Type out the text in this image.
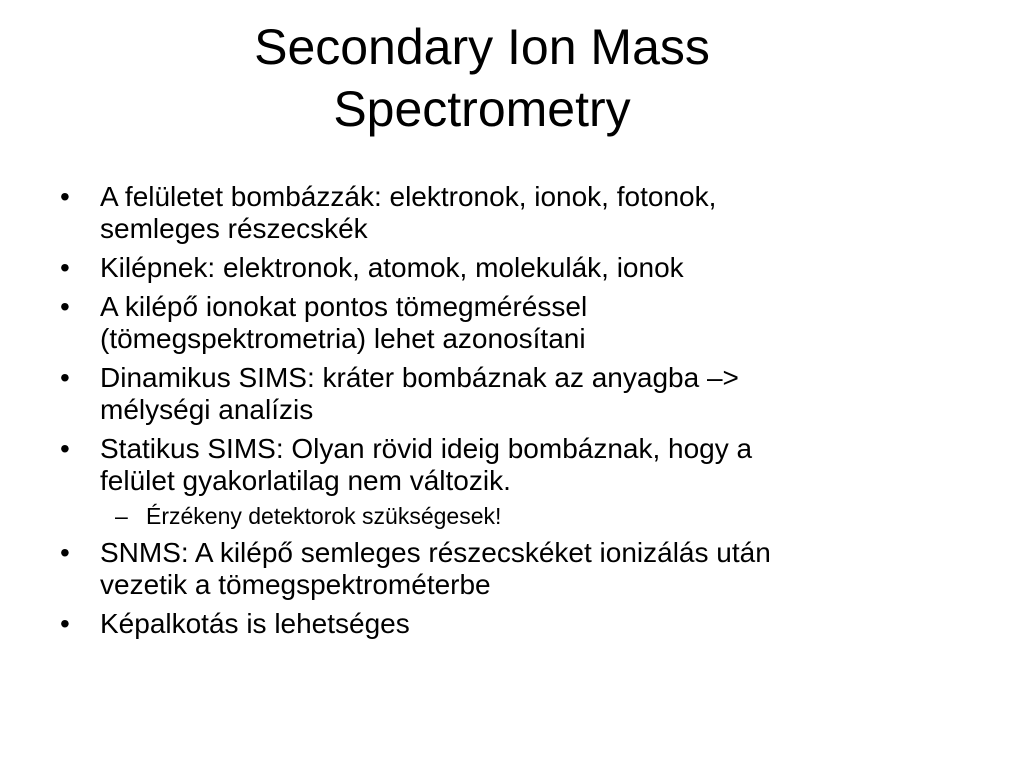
Secondary Ion Mass
Spectrometry
•	A felületet bombázzák: elektronok, ionok, fotonok,
semleges részecskék
•	Kilépnek: elektronok, atomok, molekulák, ionok
•	A kilépő ionokat pontos tömegméréssel
(tömegspektrometria) lehet azonosítani
•	Dinamikus SIMS: kráter bombáznak az anyagba –>
mélységi analízis
•	Statikus SIMS: Olyan rövid ideig bombáznak, hogy a
felület gyakorlatilag nem változik.
– Érzékeny detektorok szükségesek!
•	SNMS: A kilépő semleges részecskéket ionizálás után
vezetik a tömegspektrométerbe
•	Képalkotás is lehetséges
